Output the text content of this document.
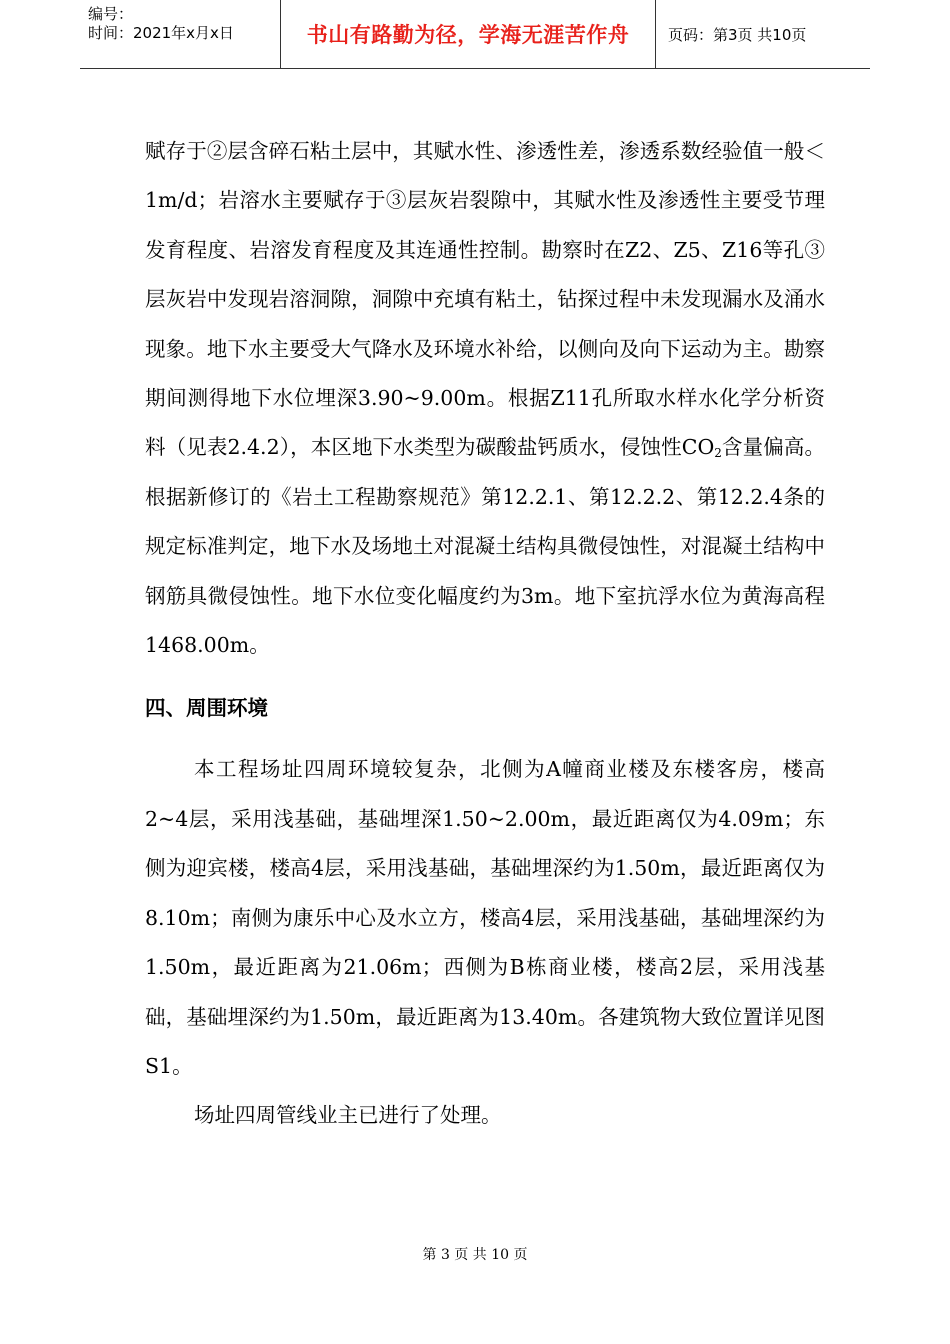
编号：
时间：2021年x月x日	书山有路勤为径，学海无涯苦作舟	页码：第3页 共10页

赋存于②层含碎石粘土层中，其赋水性、渗透性差，渗透系数经验值一般＜1m/d；岩溶水主要赋存于③层灰岩裂隙中，其赋水性及渗透性主要受节理发育程度、岩溶发育程度及其连通性控制。勘察时在Z2、Z5、Z16等孔③层灰岩中发现岩溶洞隙，洞隙中充填有粘土，钻探过程中未发现漏水及涌水现象。地下水主要受大气降水及环境水补给，以侧向及向下运动为主。勘察期间测得地下水位埋深3.90~9.00m。根据Z11孔所取水样水化学分析资料（见表2.4.2），本区地下水类型为碳酸盐钙质水，侵蚀性$CO_2$含量偏高。根据新修订的《岩土工程勘察规范》第12.2.1、第12.2.2、第12.2.4条的规定标准判定，地下水及场地土对混凝土结构具微侵蚀性，对混凝土结构中钢筋具微侵蚀性。地下水位变化幅度约为3m。地下室抗浮水位为黄海高程1468.00m。

四、周围环境

本工程场址四周环境较复杂，北侧为A幢商业楼及东楼客房，楼高2~4层，采用浅基础，基础埋深1.50~2.00m，最近距离仅为4.09m；东侧为迎宾楼，楼高4层，采用浅基础，基础埋深约为1.50m，最近距离仅为8.10m；南侧为康乐中心及水立方，楼高4层，采用浅基础，基础埋深约为1.50m，最近距离为21.06m；西侧为B栋商业楼，楼高2层，采用浅基础，基础埋深约为1.50m，最近距离为13.40m。各建筑物大致位置详见图S1。

场址四周管线业主已进行了处理。

第 3 页 共 10 页
